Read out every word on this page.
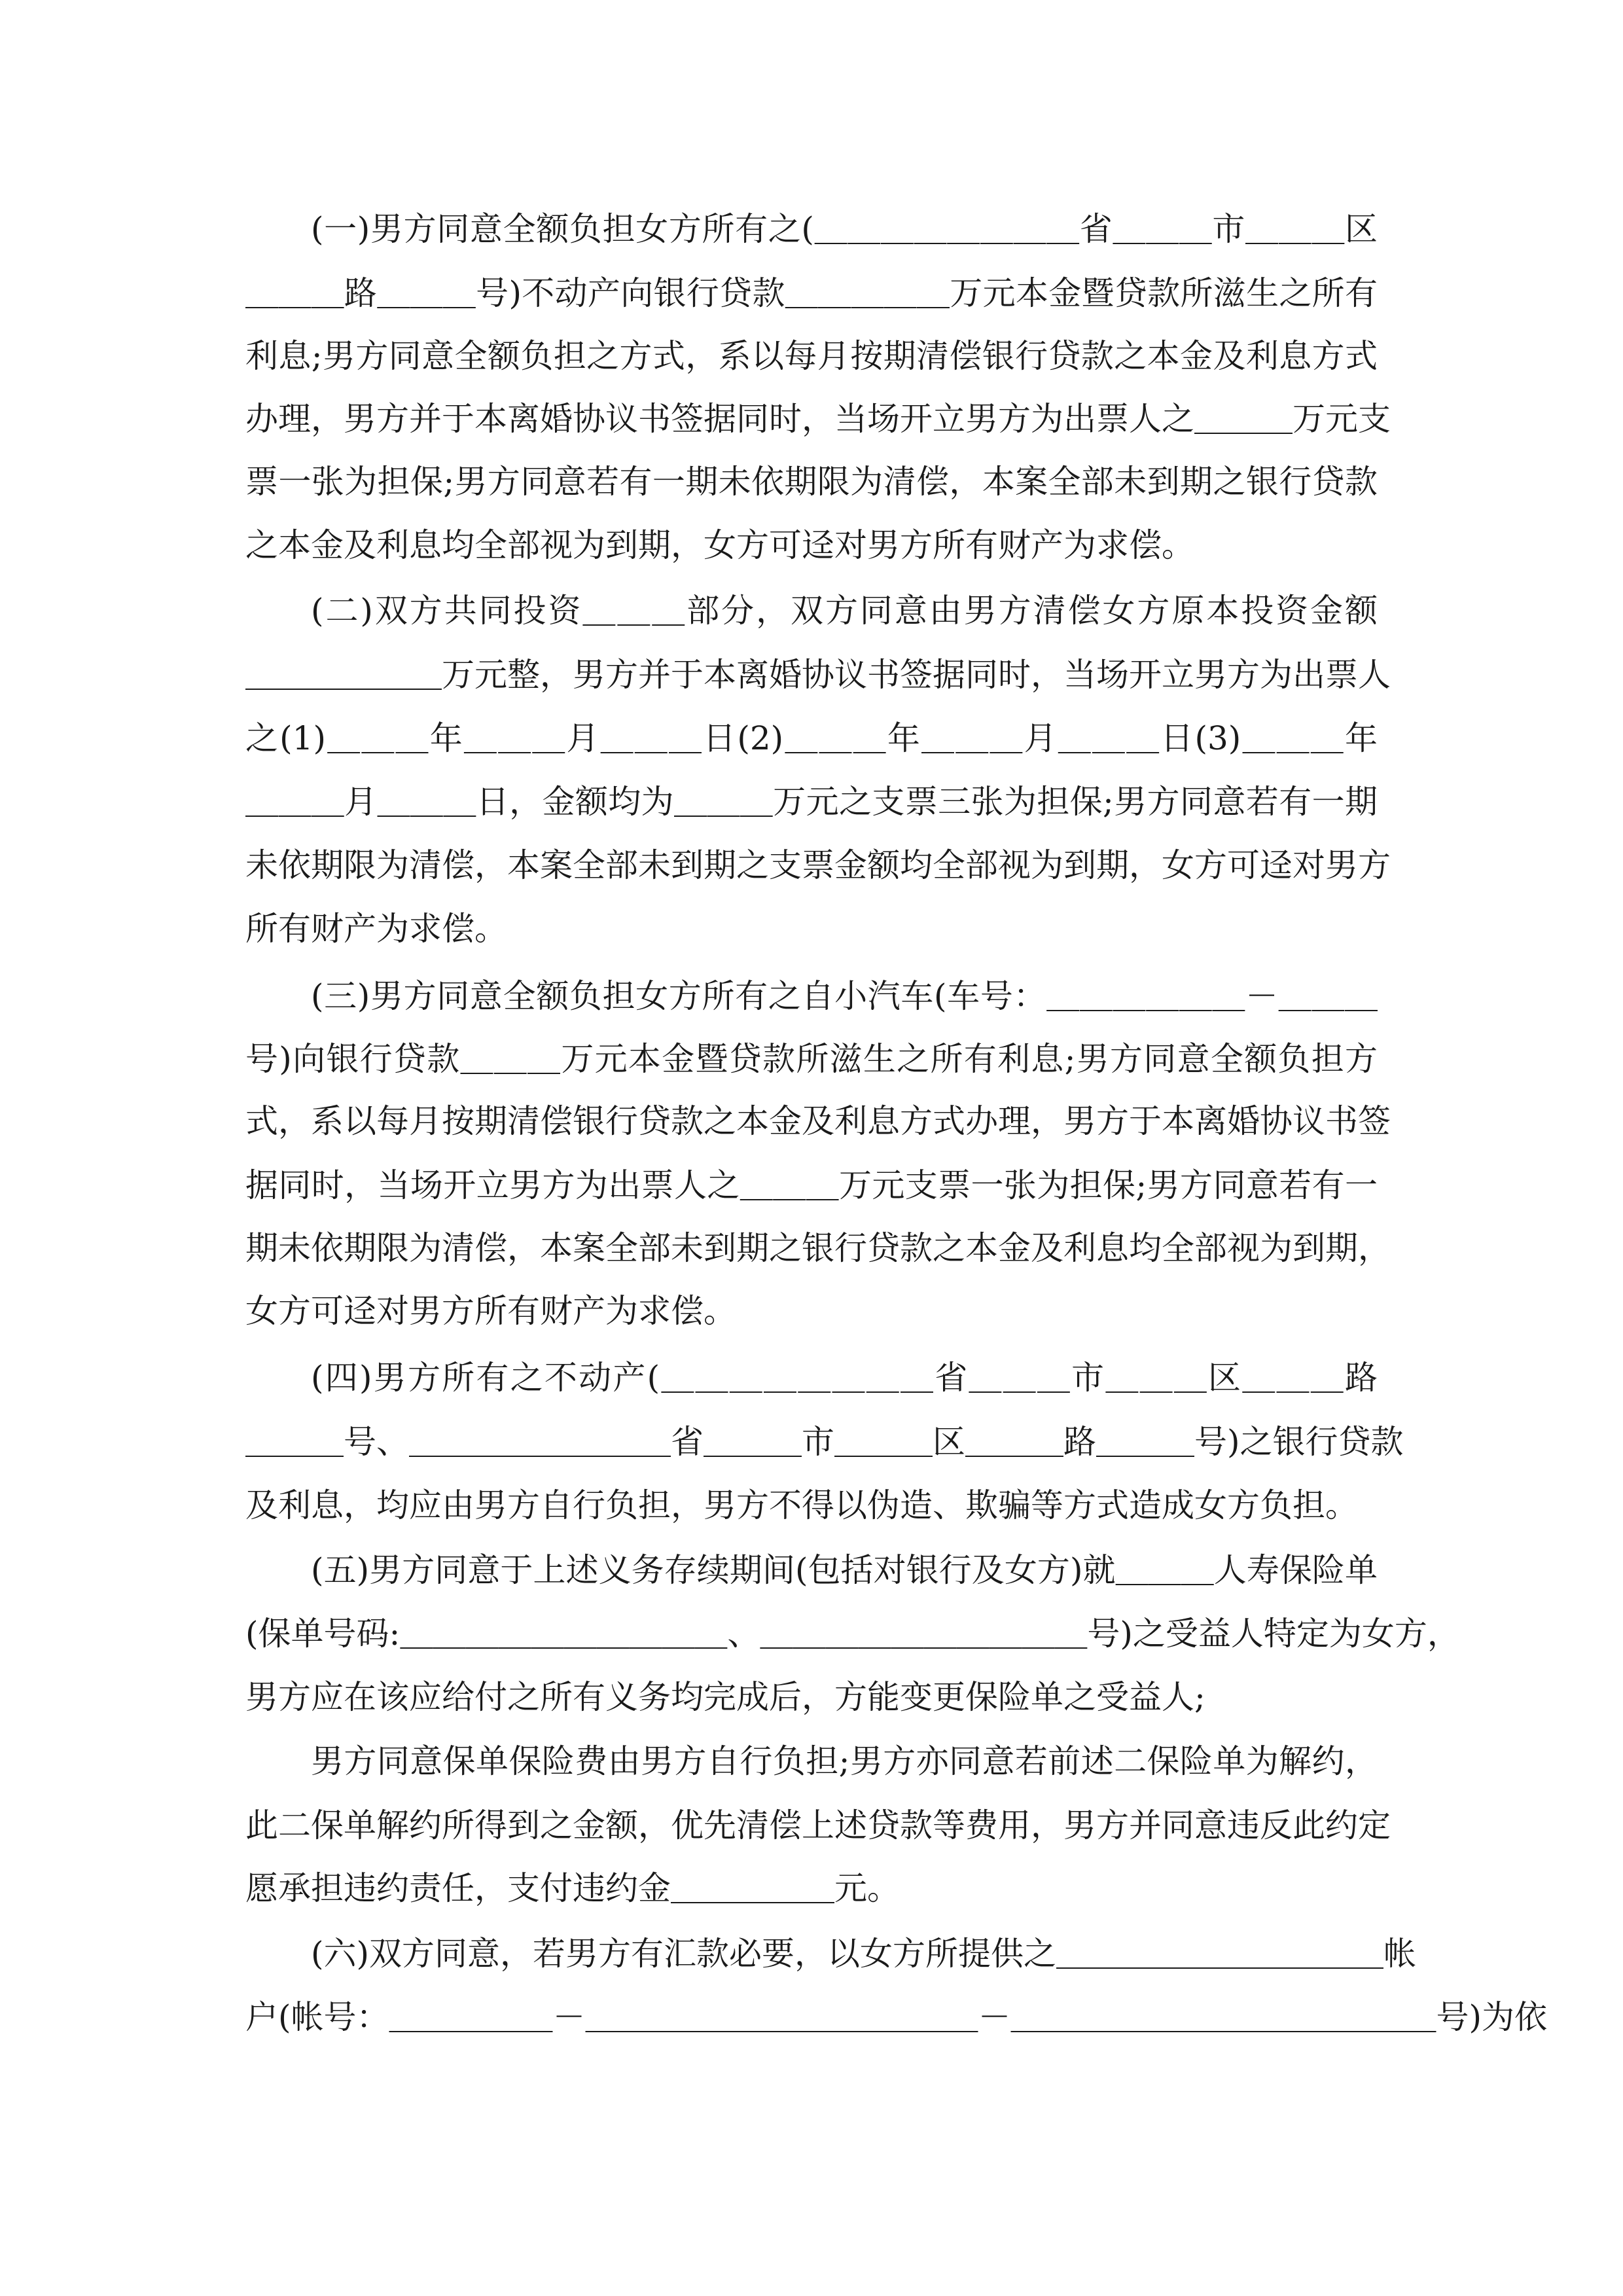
(一)男方同意全额负担女方所有之(＿＿＿＿＿＿＿＿省＿＿＿市＿＿＿区
＿＿＿路＿＿＿号)不动产向银行贷款＿＿＿＿＿万元本金暨贷款所滋生之所有
利息;男方同意全额负担之方式，系以每月按期清偿银行贷款之本金及利息方式
办理，男方并于本离婚协议书签据同时，当场开立男方为出票人之＿＿＿万元支
票一张为担保;男方同意若有一期未依期限为清偿，本案全部未到期之银行贷款
之本金及利息均全部视为到期，女方可迳对男方所有财产为求偿。
(二)双方共同投资＿＿＿部分，双方同意由男方清偿女方原本投资金额
＿＿＿＿＿＿万元整，男方并于本离婚协议书签据同时，当场开立男方为出票人
之(1)＿＿＿年＿＿＿月＿＿＿日(2)＿＿＿年＿＿＿月＿＿＿日(3)＿＿＿年
＿＿＿月＿＿＿日，金额均为＿＿＿万元之支票三张为担保;男方同意若有一期
未依期限为清偿，本案全部未到期之支票金额均全部视为到期，女方可迳对男方
所有财产为求偿。
(三)男方同意全额负担女方所有之自小汽车(车号：＿＿＿＿＿＿－＿＿＿
号)向银行贷款＿＿＿万元本金暨贷款所滋生之所有利息;男方同意全额负担方
式，系以每月按期清偿银行贷款之本金及利息方式办理，男方于本离婚协议书签
据同时，当场开立男方为出票人之＿＿＿万元支票一张为担保;男方同意若有一
期未依期限为清偿，本案全部未到期之银行贷款之本金及利息均全部视为到期，
女方可迳对男方所有财产为求偿。
(四)男方所有之不动产(＿＿＿＿＿＿＿＿省＿＿＿市＿＿＿区＿＿＿路
＿＿＿号、＿＿＿＿＿＿＿＿省＿＿＿市＿＿＿区＿＿＿路＿＿＿号)之银行贷款
及利息，均应由男方自行负担，男方不得以伪造、欺骗等方式造成女方负担。
(五)男方同意于上述义务存续期间(包括对银行及女方)就＿＿＿人寿保险单
(保单号码:＿＿＿＿＿＿＿＿＿＿、＿＿＿＿＿＿＿＿＿＿号)之受益人特定为女方，
男方应在该应给付之所有义务均完成后，方能变更保险单之受益人;
男方同意保单保险费由男方自行负担;男方亦同意若前述二保险单为解约，
此二保单解约所得到之金额，优先清偿上述贷款等费用，男方并同意违反此约定
愿承担违约责任，支付违约金＿＿＿＿＿元。
(六)双方同意，若男方有汇款必要，以女方所提供之＿＿＿＿＿＿＿＿＿＿帐
户(帐号：＿＿＿＿＿－＿＿＿＿＿＿＿＿＿＿＿＿－＿＿＿＿＿＿＿＿＿＿＿＿＿号)为依
